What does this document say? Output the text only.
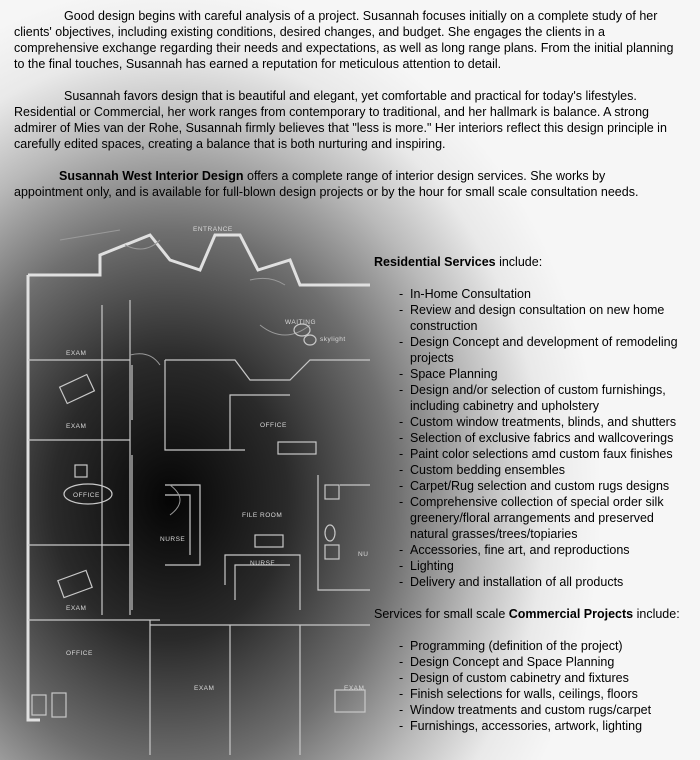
ENTRANCE
WAITING
skylight
EXAM
EXAM	OFFICE
OFFICE
FILE ROOM
NURSE
NURSE
EXAM
OFFICE
EXAM	EXAM
NU

Good design begins with careful analysis of a project. Susannah focuses initially on a complete study of her clients' objectives, including existing conditions, desired changes, and budget. She engages the clients in a comprehensive exchange regarding their needs and expectations, as well as long range plans. From the initial planning to the final touches, Susannah has earned a reputation for meticulous attention to detail.

Susannah favors design that is beautiful and elegant, yet comfortable and practical for today's lifestyles. Residential or Commercial, her work ranges from contemporary to traditional, and her hallmark is balance. A strong admirer of Mies van der Rohe, Susannah firmly believes that "less is more." Her interiors reflect this design principle in carefully edited spaces, creating a balance that is both nurturing and inspiring.

Susannah West Interior Design offers a complete range of interior design services. She works by appointment only, and is available for full-blown design projects or by the hour for small scale consultation needs.

Residential Services include:
- In-Home Consultation
- Review and design consultation on new home construction
- Design Concept and development of remodeling projects
- Space Planning
- Design and/or selection of custom furnishings, including cabinetry and upholstery
- Custom window treatments, blinds, and shutters
- Selection of exclusive fabrics and wallcoverings
- Paint color selections amd custom faux finishes
- Custom bedding ensembles
- Carpet/Rug selection and custom rugs designs
- Comprehensive collection of special order silk greenery/floral arrangements and preserved natural grasses/trees/topiaries
- Accessories, fine art, and reproductions
- Lighting
- Delivery and installation of all products
Services for small scale Commercial Projects include:
- Programming (definition of the project)
- Design Concept and Space Planning
- Design of custom cabinetry and fixtures
- Finish selections for walls, ceilings, floors
- Window treatments and custom rugs/carpet
- Furnishings, accessories, artwork, lighting
